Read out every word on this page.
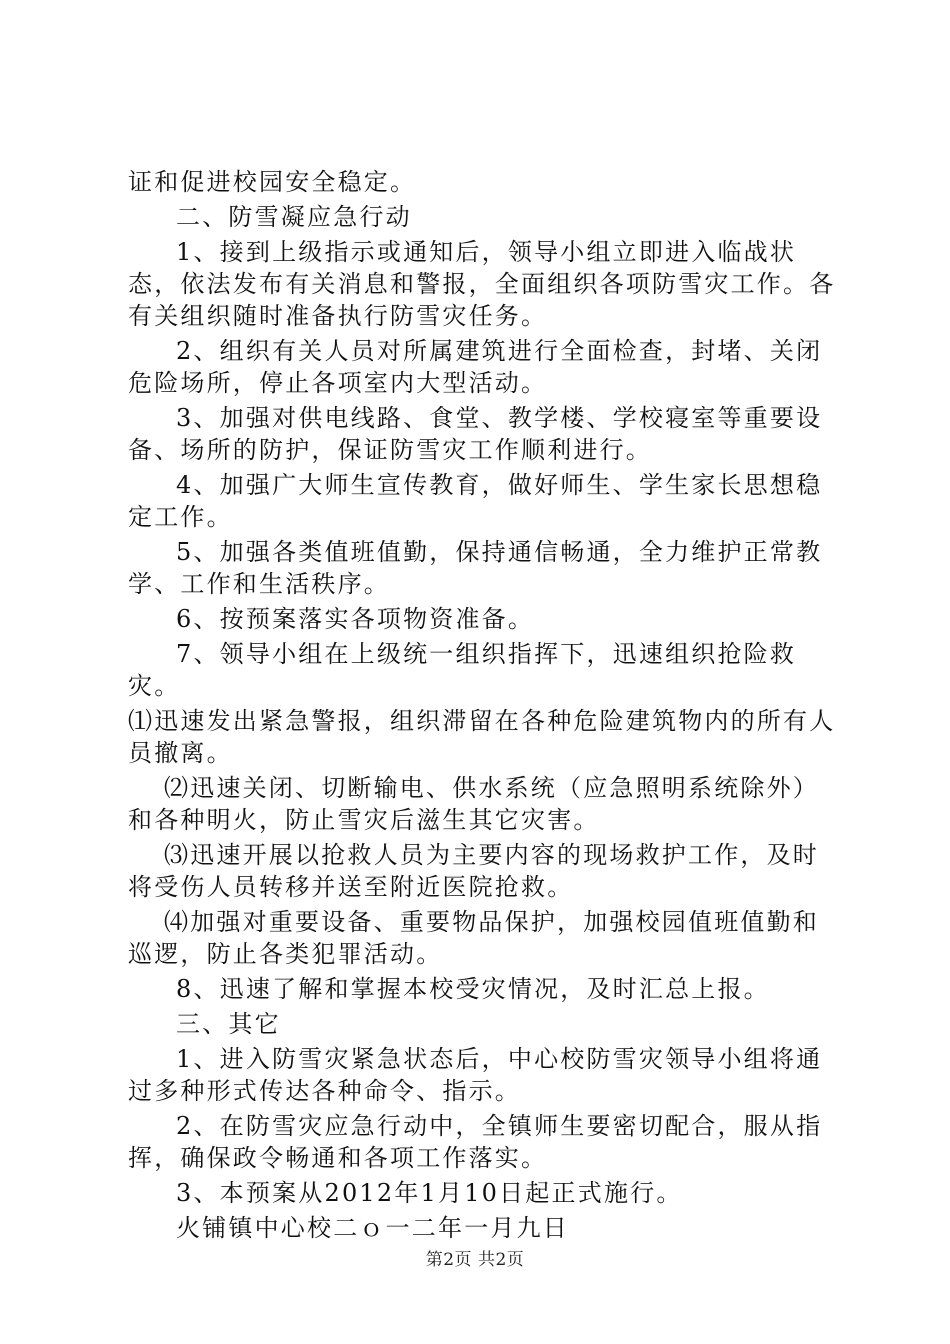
证和促进校园安全稳定。

二、防雪凝应急行动

1、接到上级指示或通知后，领导小组立即进入临战状态，依法发布有关消息和警报，全面组织各项防雪灾工作。各有关组织随时准备执行防雪灾任务。

2、组织有关人员对所属建筑进行全面检查，封堵、关闭危险场所，停止各项室内大型活动。

3、加强对供电线路、食堂、教学楼、学校寝室等重要设备、场所的防护，保证防雪灾工作顺利进行。

4、加强广大师生宣传教育，做好师生、学生家长思想稳定工作。

5、加强各类值班值勤，保持通信畅通，全力维护正常教学、工作和生活秩序。

6、按预案落实各项物资准备。

7、领导小组在上级统一组织指挥下，迅速组织抢险救灾。

⑴迅速发出紧急警报，组织滞留在各种危险建筑物内的所有人员撤离。

⑵迅速关闭、切断输电、供水系统（应急照明系统除外）和各种明火，防止雪灾后滋生其它灾害。

⑶迅速开展以抢救人员为主要内容的现场救护工作，及时将受伤人员转移并送至附近医院抢救。

⑷加强对重要设备、重要物品保护，加强校园值班值勤和巡逻，防止各类犯罪活动。

8、迅速了解和掌握本校受灾情况，及时汇总上报。

三、其它

1、进入防雪灾紧急状态后，中心校防雪灾领导小组将通过多种形式传达各种命令、指示。

2、在防雪灾应急行动中，全镇师生要密切配合，服从指挥，确保政令畅通和各项工作落实。

3、本预案从2012年1月10日起正式施行。

火铺镇中心校二ｏ一二年一月九日

第2页 共2页
